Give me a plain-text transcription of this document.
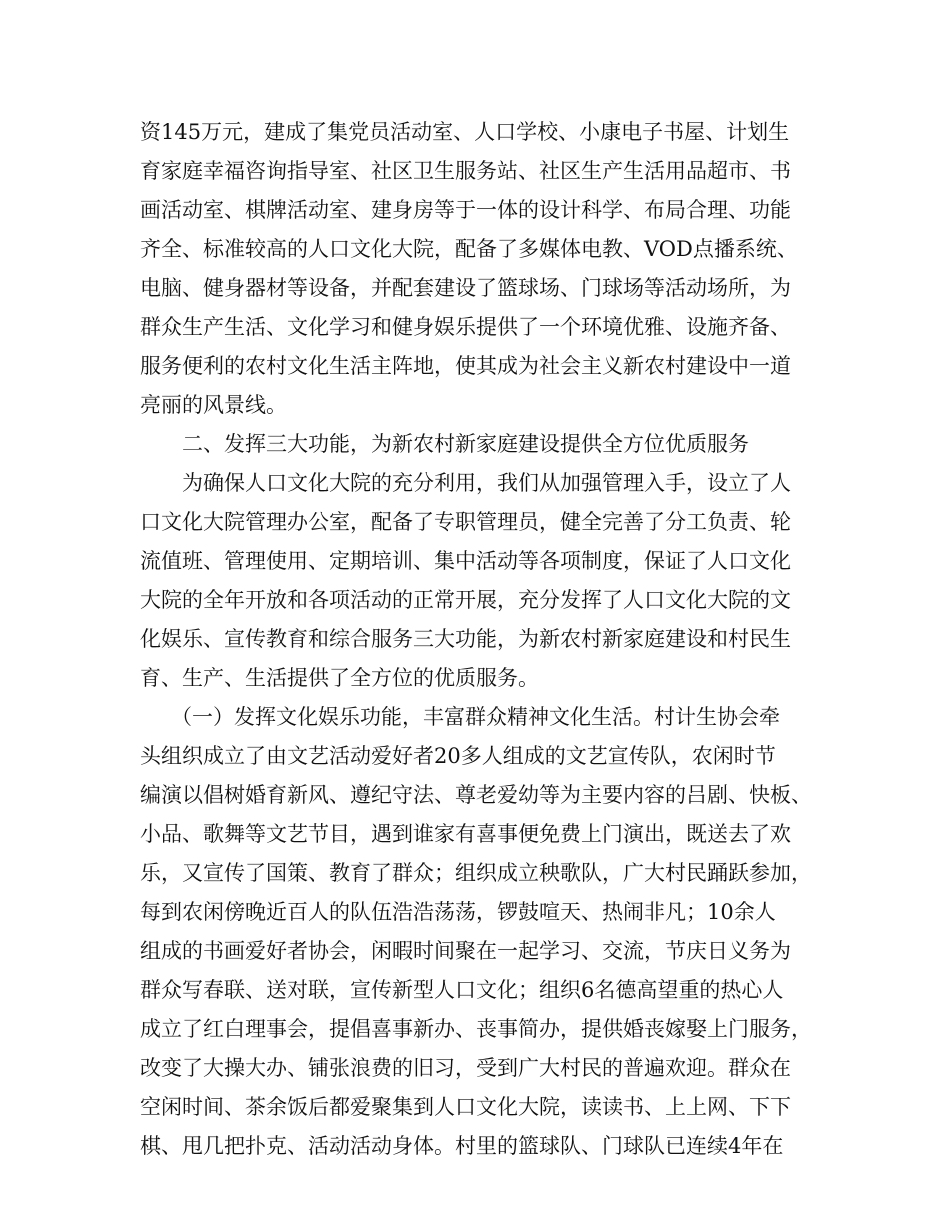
资145万元，建成了集党员活动室、人口学校、小康电子书屋、计划生
育家庭幸福咨询指导室、社区卫生服务站、社区生产生活用品超市、书
画活动室、棋牌活动室、建身房等于一体的设计科学、布局合理、功能
齐全、标准较高的人口文化大院，配备了多媒体电教、VOD点播系统、
电脑、健身器材等设备，并配套建设了篮球场、门球场等活动场所，为
群众生产生活、文化学习和健身娱乐提供了一个环境优雅、设施齐备、
服务便利的农村文化生活主阵地，使其成为社会主义新农村建设中一道
亮丽的风景线。
二、发挥三大功能，为新农村新家庭建设提供全方位优质服务
为确保人口文化大院的充分利用，我们从加强管理入手，设立了人
口文化大院管理办公室，配备了专职管理员，健全完善了分工负责、轮
流值班、管理使用、定期培训、集中活动等各项制度，保证了人口文化
大院的全年开放和各项活动的正常开展，充分发挥了人口文化大院的文
化娱乐、宣传教育和综合服务三大功能，为新农村新家庭建设和村民生
育、生产、生活提供了全方位的优质服务。
（一）发挥文化娱乐功能，丰富群众精神文化生活。村计生协会牵
头组织成立了由文艺活动爱好者20多人组成的文艺宣传队，农闲时节
编演以倡树婚育新风、遵纪守法、尊老爱幼等为主要内容的吕剧、快板、
小品、歌舞等文艺节目，遇到谁家有喜事便免费上门演出，既送去了欢
乐，又宣传了国策、教育了群众；组织成立秧歌队，广大村民踊跃参加，
每到农闲傍晚近百人的队伍浩浩荡荡，锣鼓喧天、热闹非凡；10余人
组成的书画爱好者协会，闲暇时间聚在一起学习、交流，节庆日义务为
群众写春联、送对联，宣传新型人口文化；组织6名德高望重的热心人
成立了红白理事会，提倡喜事新办、丧事简办，提供婚丧嫁娶上门服务，
改变了大操大办、铺张浪费的旧习，受到广大村民的普遍欢迎。群众在
空闲时间、茶余饭后都爱聚集到人口文化大院，读读书、上上网、下下
棋、甩几把扑克、活动活动身体。村里的篮球队、门球队已连续4年在
